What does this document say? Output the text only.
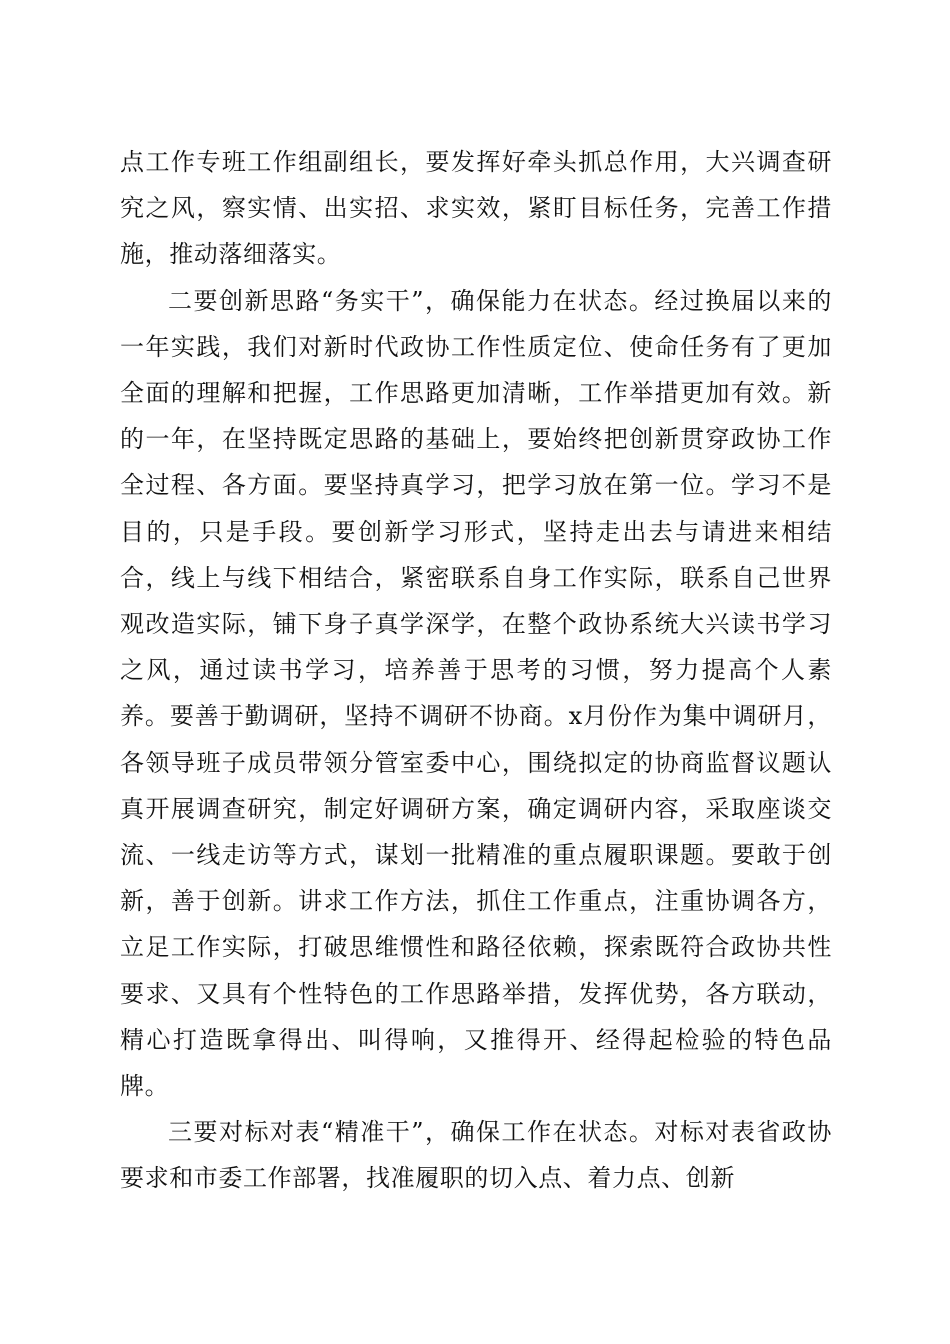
点工作专班工作组副组长，要发挥好牵头抓总作用，大兴调查研究之风，察实情、出实招、求实效，紧盯目标任务，完善工作措施，推动落细落实。

二要创新思路“务实干”，确保能力在状态。经过换届以来的一年实践，我们对新时代政协工作性质定位、使命任务有了更加全面的理解和把握，工作思路更加清晰，工作举措更加有效。新的一年，在坚持既定思路的基础上，要始终把创新贯穿政协工作全过程、各方面。要坚持真学习，把学习放在第一位。学习不是目的，只是手段。要创新学习形式，坚持走出去与请进来相结合，线上与线下相结合，紧密联系自身工作实际，联系自己世界观改造实际，铺下身子真学深学，在整个政协系统大兴读书学习之风，通过读书学习，培养善于思考的习惯，努力提高个人素养。要善于勤调研，坚持不调研不协商。x月份作为集中调研月，各领导班子成员带领分管室委中心，围绕拟定的协商监督议题认真开展调查研究，制定好调研方案，确定调研内容，采取座谈交流、一线走访等方式，谋划一批精准的重点履职课题。要敢于创新，善于创新。讲求工作方法，抓住工作重点，注重协调各方，立足工作实际，打破思维惯性和路径依赖，探索既符合政协共性要求、又具有个性特色的工作思路举措，发挥优势，各方联动，精心打造既拿得出、叫得响，又推得开、经得起检验的特色品牌。

三要对标对表“精准干”，确保工作在状态。对标对表省政协要求和市委工作部署，找准履职的切入点、着力点、创新
